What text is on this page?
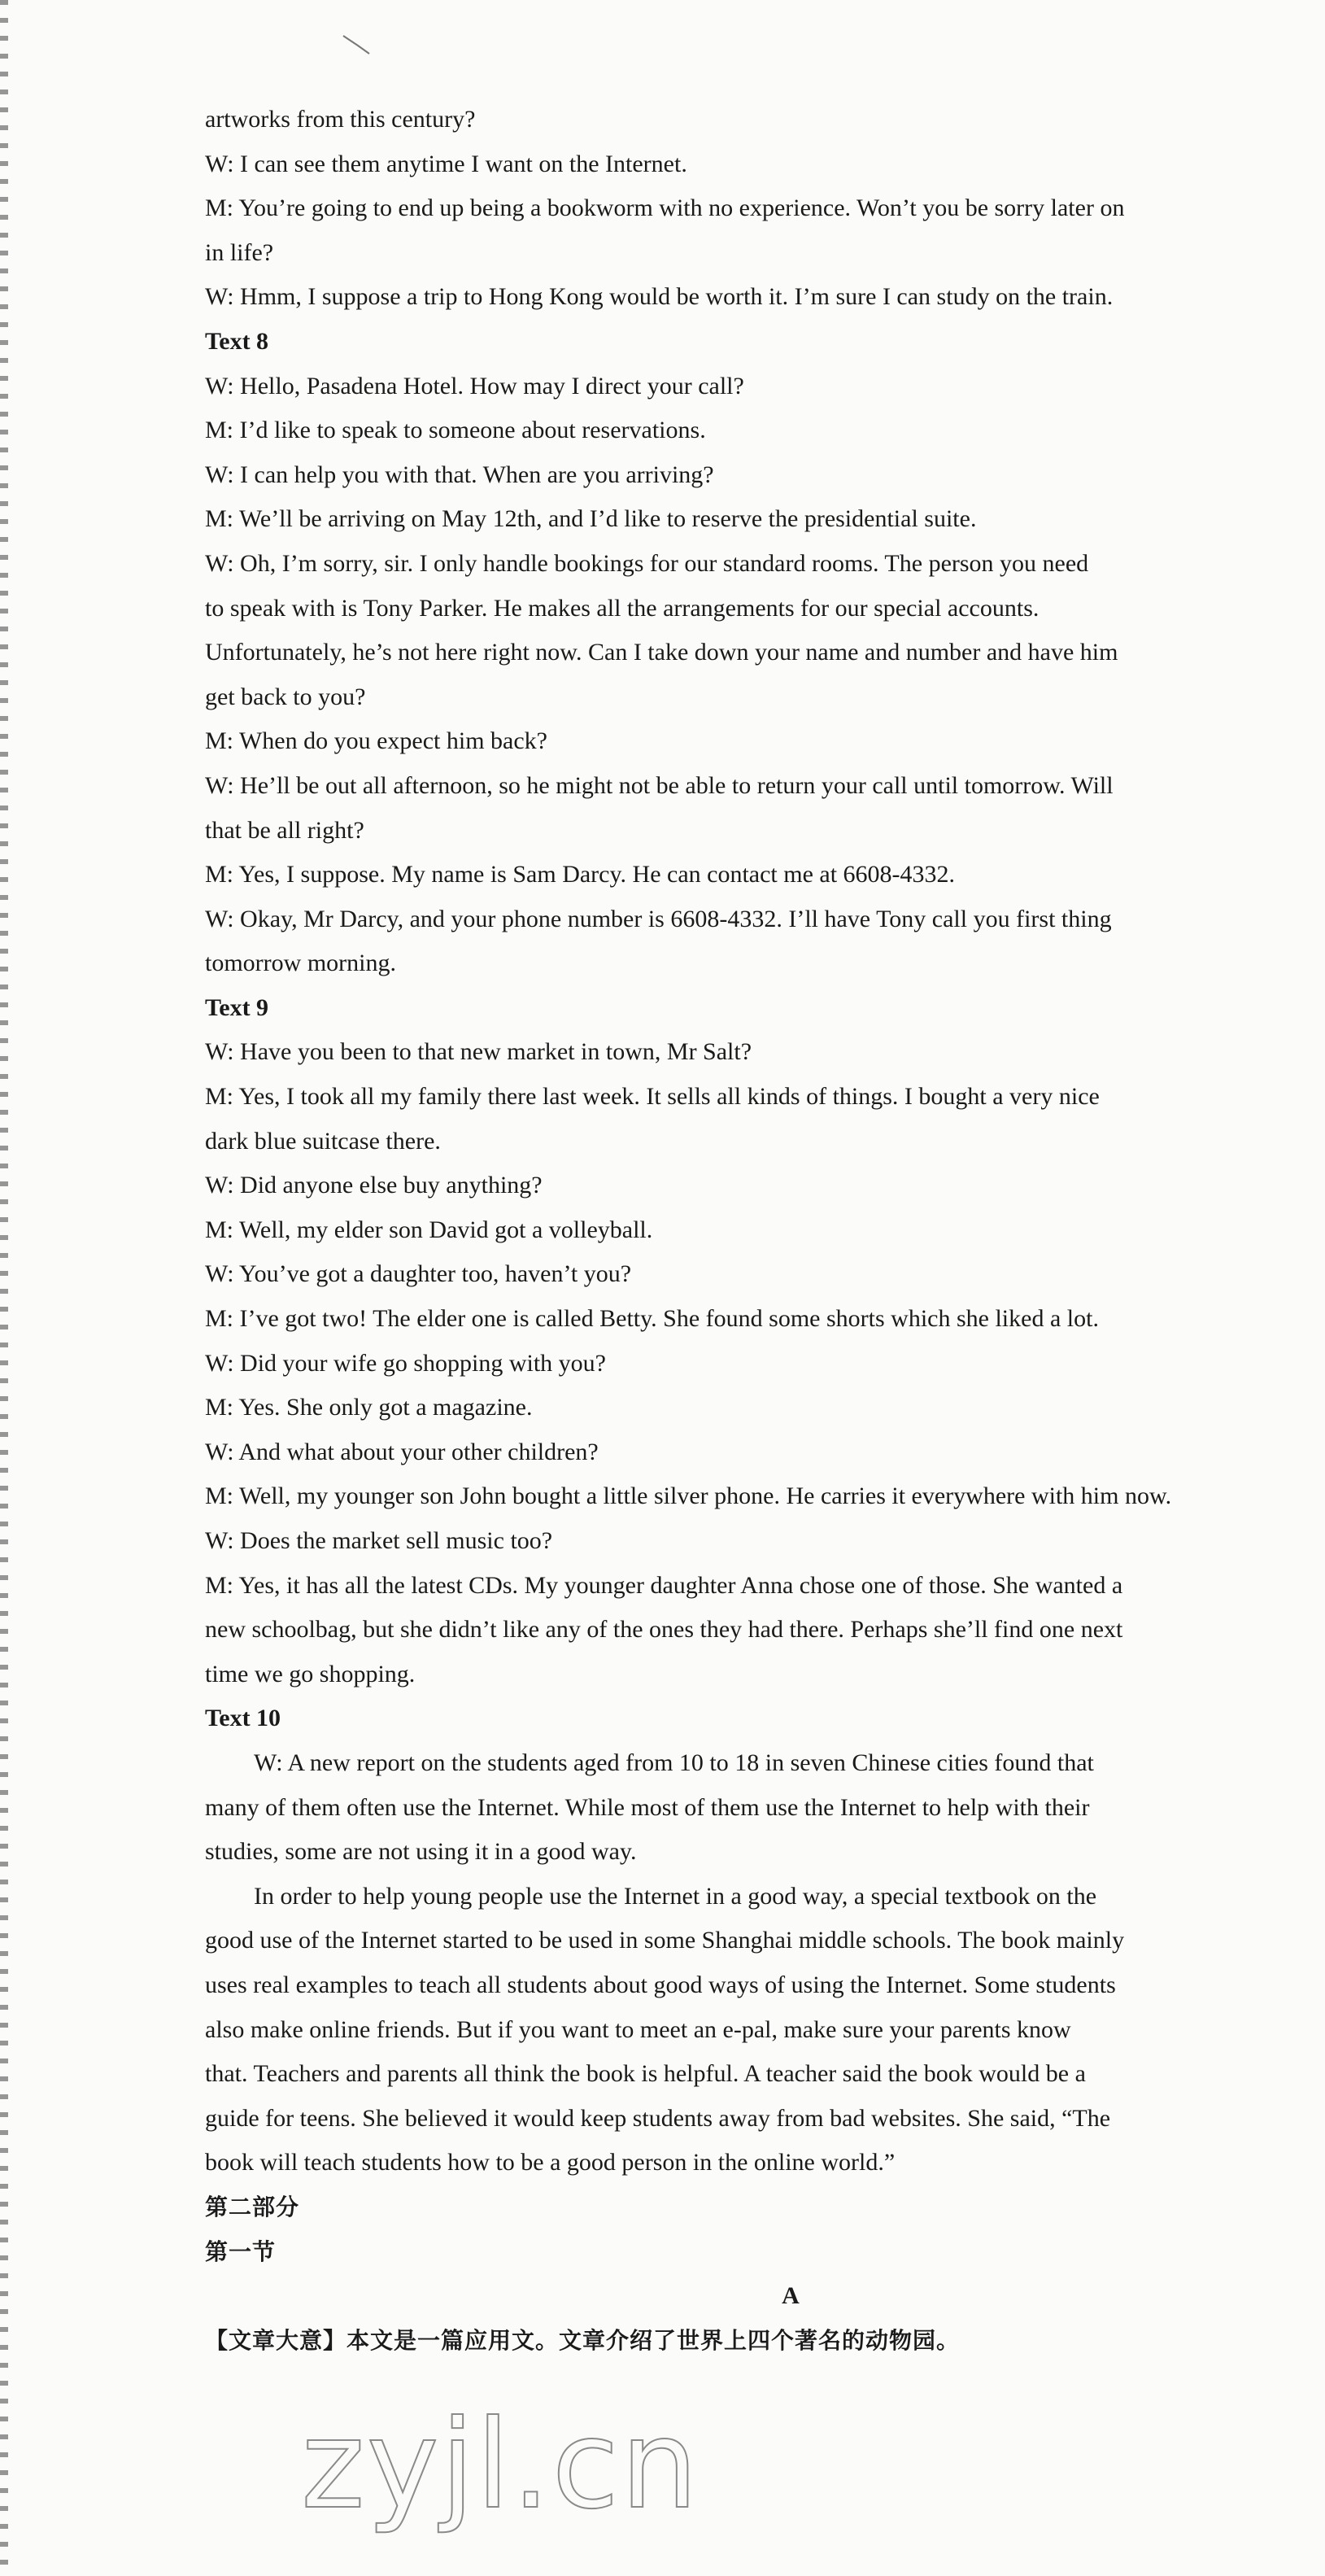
artworks from this century?
W: I can see them anytime I want on the Internet.
M: You’re going to end up being a bookworm with no experience. Won’t you be sorry later on
in life?
W: Hmm, I suppose a trip to Hong Kong would be worth it. I’m sure I can study on the train.
Text 8
W: Hello, Pasadena Hotel. How may I direct your call?
M: I’d like to speak to someone about reservations.
W: I can help you with that. When are you arriving?
M: We’ll be arriving on May 12th, and I’d like to reserve the presidential suite.
W: Oh, I’m sorry, sir. I only handle bookings for our standard rooms. The person you need
to speak with is Tony Parker. He makes all the arrangements for our special accounts.
Unfortunately, he’s not here right now. Can I take down your name and number and have him
get back to you?
M: When do you expect him back?
W: He’ll be out all afternoon, so he might not be able to return your call until tomorrow. Will
that be all right?
M: Yes, I suppose. My name is Sam Darcy. He can contact me at 6608-4332.
W: Okay, Mr Darcy, and your phone number is 6608-4332. I’ll have Tony call you first thing
tomorrow morning.
Text 9
W: Have you been to that new market in town, Mr Salt?
M: Yes, I took all my family there last week. It sells all kinds of things. I bought a very nice
dark blue suitcase there.
W: Did anyone else buy anything?
M: Well, my elder son David got a volleyball.
W: You’ve got a daughter too, haven’t you?
M: I’ve got two! The elder one is called Betty. She found some shorts which she liked a lot.
W: Did your wife go shopping with you?
M: Yes. She only got a magazine.
W: And what about your other children?
M: Well, my younger son John bought a little silver phone. He carries it everywhere with him now.
W: Does the market sell music too?
M: Yes, it has all the latest CDs. My younger daughter Anna chose one of those. She wanted a
new schoolbag, but she didn’t like any of the ones they had there. Perhaps she’ll find one next
time we go shopping.
Text 10
W: A new report on the students aged from 10 to 18 in seven Chinese cities found that
many of them often use the Internet. While most of them use the Internet to help with their
studies, some are not using it in a good way.
In order to help young people use the Internet in a good way, a special textbook on the
good use of the Internet started to be used in some Shanghai middle schools. The book mainly
uses real examples to teach all students about good ways of using the Internet. Some students
also make online friends. But if you want to meet an e-pal, make sure your parents know
that. Teachers and parents all think the book is helpful. A teacher said the book would be a
guide for teens. She believed it would keep students away from bad websites. She said, “The
book will teach students how to be a good person in the online world.”
第二部分
第一节
A
【文章大意】本文是一篇应用文。文章介绍了世界上四个著名的动物园。
zyjl.cn
